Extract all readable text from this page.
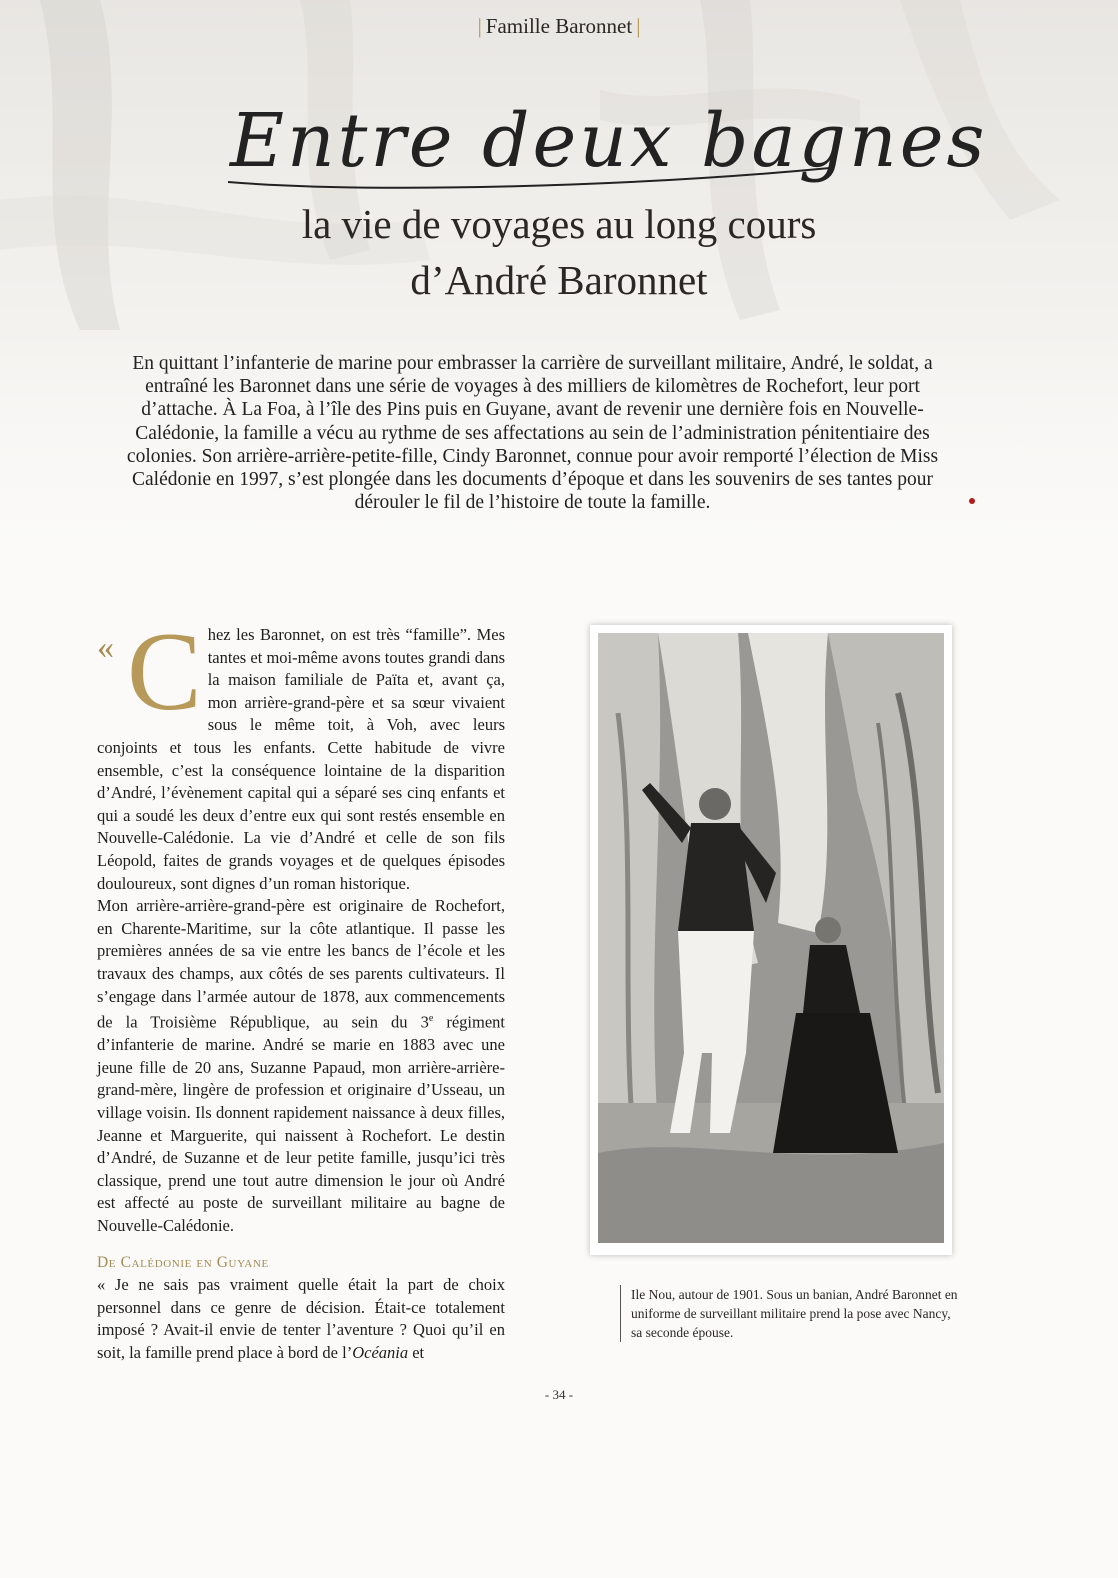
| Famille Baronnet |
Entre deux bagnes
la vie de voyages au long cours
d’André Baronnet
En quittant l’infanterie de marine pour embrasser la carrière de surveillant militaire, André, le soldat, a entraîné les Baronnet dans une série de voyages à des milliers de kilomètres de Rochefort, leur port d’attache. À La Foa, à l’île des Pins puis en Guyane, avant de revenir une dernière fois en Nouvelle-Calédonie, la famille a vécu au rythme de ses affectations au sein de l’administration pénitentiaire des colonies. Son arrière-arrière-petite-fille, Cindy Baronnet, connue pour avoir remporté l’élection de Miss Calédonie en 1997, s’est plongée dans les documents d’époque et dans les souvenirs de ses tantes pour dérouler le fil de l’histoire de toute la famille.

« C hez les Baronnet, on est très “famille”. Mes tantes et moi-même avons toutes grandi dans la maison familiale de Païta et, avant ça, mon arrière-grand-père et sa sœur vivaient sous le même toit, à Voh, avec leurs conjoints et tous les enfants. Cette habitude de vivre ensemble, c’est la conséquence lointaine de la disparition d’André, l’évènement capital qui a séparé ses cinq enfants et qui a soudé les deux d’entre eux qui sont restés ensemble en Nouvelle-Calédonie. La vie d’André et celle de son fils Léopold, faites de grands voyages et de quelques épisodes douloureux, sont dignes d’un roman historique.

Mon arrière-arrière-grand-père est originaire de Rochefort, en Charente-Maritime, sur la côte atlantique. Il passe les premières années de sa vie entre les bancs de l’école et les travaux des champs, aux côtés de ses parents cultivateurs. Il s’engage dans l’armée autour de 1878, aux commencements de la Troisième République, au sein du 3e régiment d’infanterie de marine. André se marie en 1883 avec une jeune fille de 20 ans, Suzanne Papaud, mon arrière-arrière-grand-mère, lingère de profession et originaire d’Usseau, un village voisin. Ils donnent rapidement naissance à deux filles, Jeanne et Marguerite, qui naissent à Rochefort. Le destin d’André, de Suzanne et de leur petite famille, jusqu’ici très classique, prend une tout autre dimension le jour où André est affecté au poste de surveillant militaire au bagne de Nouvelle-Calédonie.

De Calédonie en Guyane

« Je ne sais pas vraiment quelle était la part de choix personnel dans ce genre de décision. Était-ce totalement imposé ? Avait-il envie de tenter l’aventure ? Quoi qu’il en soit, la famille prend place à bord de l’Océania et

Ile Nou, autour de 1901. Sous un banian, André Baronnet en uniforme de surveillant militaire prend la pose avec Nancy, sa seconde épouse.
- 34 -
